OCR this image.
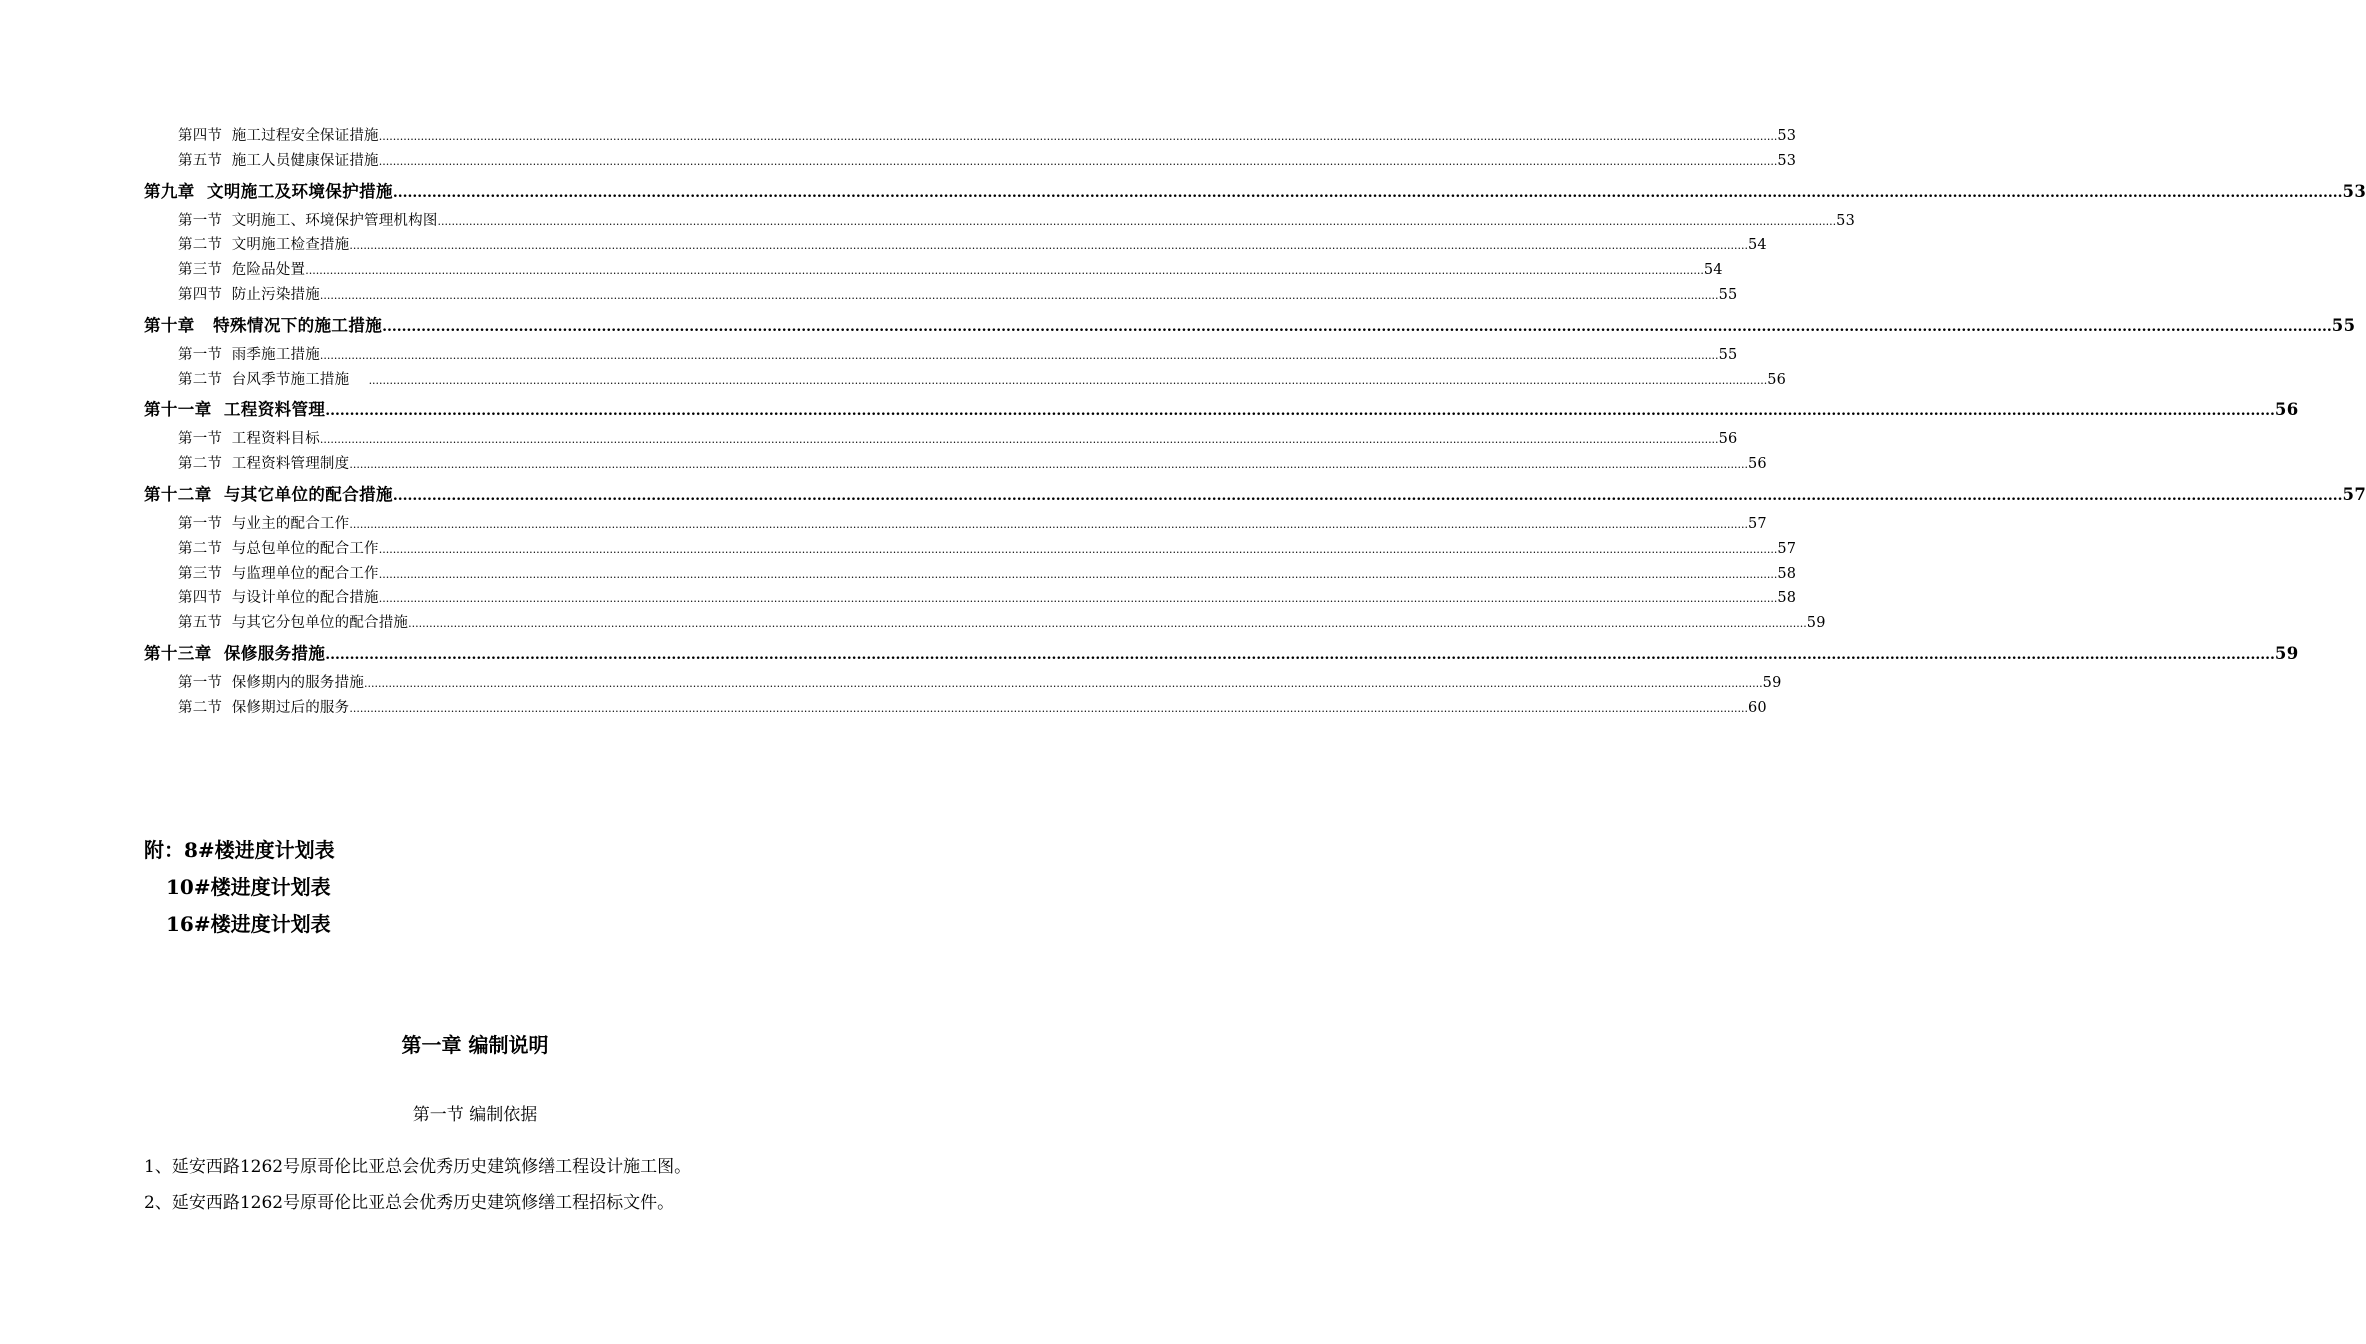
第四节  施工过程安全保证措施 ................................................................................................................................................................................................................................................................................................................................................................................................................ 53
第五节  施工人员健康保证措施 ................................................................................................................................................................................................................................................................................................................................................................................................................ 53
第九章  文明施工及环境保护措施 ................................................................................................................................................................................................................................................................................................................................................................................................................ 53
第一节  文明施工、环境保护管理机构图 ................................................................................................................................................................................................................................................................................................................................................................................................................ 53
第二节  文明施工检查措施 ................................................................................................................................................................................................................................................................................................................................................................................................................ 54
第三节  危险品处置 ................................................................................................................................................................................................................................................................................................................................................................................................................ 54
第四节  防止污染措施 ................................................................................................................................................................................................................................................................................................................................................................................................................ 55
第十章   特殊情况下的施工措施 ................................................................................................................................................................................................................................................................................................................................................................................................................ 55
第一节  雨季施工措施 ................................................................................................................................................................................................................................................................................................................................................................................................................ 55
第二节  台风季节施工措施 ................................................................................................................................................................................................................................................................................................................................................................................................................ 56
第十一章  工程资料管理 ................................................................................................................................................................................................................................................................................................................................................................................................................ 56
第一节  工程资料目标 ................................................................................................................................................................................................................................................................................................................................................................................................................ 56
第二节  工程资料管理制度 ................................................................................................................................................................................................................................................................................................................................................................................................................ 56
第十二章  与其它单位的配合措施 ................................................................................................................................................................................................................................................................................................................................................................................................................ 57
第一节  与业主的配合工作 ................................................................................................................................................................................................................................................................................................................................................................................................................ 57
第二节  与总包单位的配合工作 ................................................................................................................................................................................................................................................................................................................................................................................................................ 57
第三节  与监理单位的配合工作 ................................................................................................................................................................................................................................................................................................................................................................................................................ 58
第四节  与设计单位的配合措施 ................................................................................................................................................................................................................................................................................................................................................................................................................ 58
第五节  与其它分包单位的配合措施 ................................................................................................................................................................................................................................................................................................................................................................................................................ 59
第十三章  保修服务措施 ................................................................................................................................................................................................................................................................................................................................................................................................................ 59
第一节  保修期内的服务措施 ................................................................................................................................................................................................................................................................................................................................................................................................................ 59
第二节  保修期过后的服务 ................................................................................................................................................................................................................................................................................................................................................................................................................ 60
附：8#楼进度计划表
10#楼进度计划表
16#楼进度计划表
第一章 编制说明
第一节 编制依据

1、延安西路1262号原哥伦比亚总会优秀历史建筑修缮工程设计施工图。

2、延安西路1262号原哥伦比亚总会优秀历史建筑修缮工程招标文件。
